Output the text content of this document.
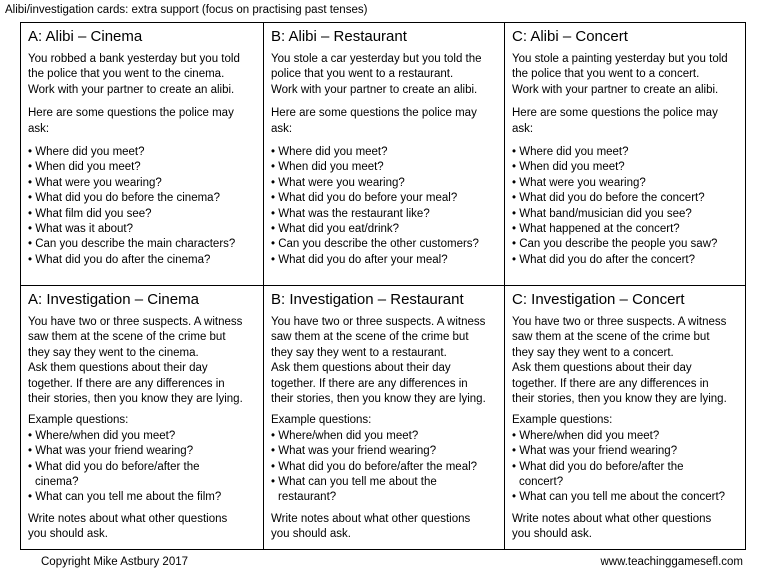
Alibi/investigation cards: extra support (focus on practising past tenses)
A: Alibi – Cinema
You robbed a bank yesterday but you told
the police that you went to the cinema.
Work with your partner to create an alibi.
Here are some questions the police may ask:
• Where did you meet?
• When did you meet?
• What were you wearing?
• What did you do before the cinema?
• What film did you see?
• What was it about?
• Can you describe the main characters?
• What did you do after the cinema?
B: Alibi – Restaurant
You stole a car yesterday but you told the
police that you went to a restaurant.
Work with your partner to create an alibi.
Here are some questions the police may ask:
• Where did you meet?
• When did you meet?
• What were you wearing?
• What did you do before your meal?
• What was the restaurant like?
• What did you eat/drink?
• Can you describe the other customers?
• What did you do after your meal?
C: Alibi – Concert
You stole a painting yesterday but you told
the police that you went to a concert.
Work with your partner to create an alibi.
Here are some questions the police may ask:
• Where did you meet?
• When did you meet?
• What were you wearing?
• What did you do before the concert?
• What band/musician did you see?
• What happened at the concert?
• Can you describe the people you saw?
• What did you do after the concert?
A: Investigation – Cinema
You have two or three suspects. A witness
saw them at the scene of the crime but
they say they went to the cinema.
Ask them questions about their day
together. If there are any differences in
their stories, then you know they are lying.
Example questions:
• Where/when did you meet?
• What was your friend wearing?
• What did you do before/after the
cinema?
• What can you tell me about the film?
Write notes about what other questions
you should ask.
B: Investigation – Restaurant
You have two or three suspects. A witness
saw them at the scene of the crime but
they say they went to a restaurant.
Ask them questions about their day
together. If there are any differences in
their stories, then you know they are lying.
Example questions:
• Where/when did you meet?
• What was your friend wearing?
• What did you do before/after the meal?
• What can you tell me about the
restaurant?
Write notes about what other questions
you should ask.
C: Investigation – Concert
You have two or three suspects. A witness
saw them at the scene of the crime but
they say they went to a concert.
Ask them questions about their day
together. If there are any differences in
their stories, then you know they are lying.
Example questions:
• Where/when did you meet?
• What was your friend wearing?
• What did you do before/after the
concert?
• What can you tell me about the concert?
Write notes about what other questions
you should ask.
Copyright Mike Astbury 2017	www.teachinggamesefl.com
